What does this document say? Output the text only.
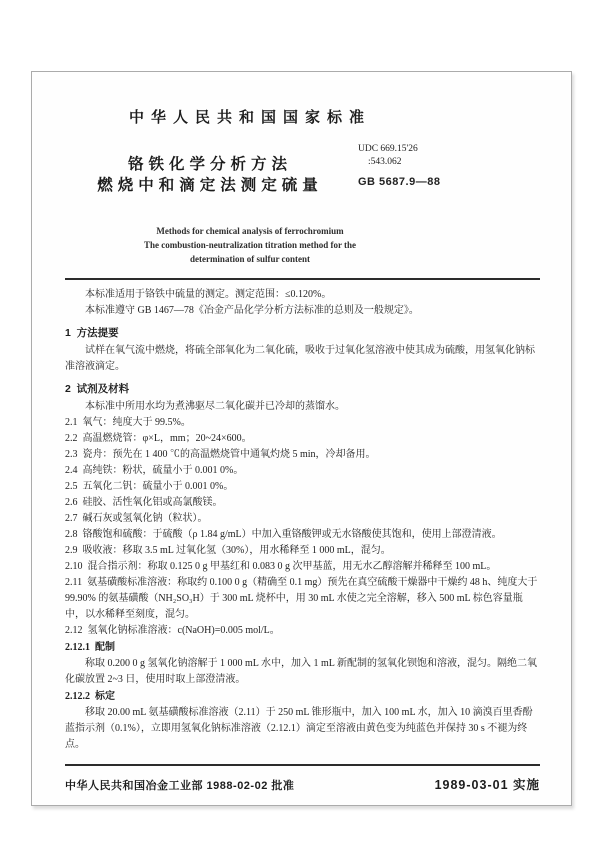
中华人民共和国国家标准
铬铁化学分析方法
燃烧中和滴定法测定硫量
Methods for chemical analysis of ferrochromium
The combustion-neutralization titration method for the
determination of sulfur content
UDC 669.15'26
:543.062
GB 5687.9—88

本标准适用于铬铁中硫量的测定。测定范围：≤0.120%。

本标准遵守 GB 1467—78《冶金产品化学分析方法标准的总则及一般规定》。

1  方法提要

试样在氧气流中燃烧，将硫全部氧化为二氧化硫，吸收于过氧化氢溶液中使其成为硫酸，用氢氧化钠标准溶液滴定。

2  试剂及材料

本标准中所用水均为煮沸驱尽二氧化碳并已冷却的蒸馏水。

2.1  氧气：纯度大于 99.5%。

2.2  高温燃烧管：φ×L，mm；20~24×600。

2.3  瓷舟：预先在 1 400 ℃的高温燃烧管中通氧灼烧 5 min，冷却备用。

2.4  高纯铁：粉状，硫量小于 0.001 0%。

2.5  五氧化二钒：硫量小于 0.001 0%。

2.6  硅胶、活性氧化铝或高氯酸镁。

2.7  碱石灰或氢氧化钠（粒状）。

2.8  铬酸饱和硫酸：于硫酸（ρ 1.84 g/mL）中加入重铬酸钾或无水铬酸使其饱和，使用上部澄清液。

2.9  吸收液：移取 3.5 mL 过氧化氢（30%），用水稀释至 1 000 mL，混匀。

2.10  混合指示剂：称取 0.125 0 g 甲基红和 0.083 0 g 次甲基蓝，用无水乙醇溶解并稀释至 100 mL。

2.11  氨基磺酸标准溶液：称取约 0.100 0 g（精确至 0.1 mg）预先在真空硫酸干燥器中干燥约 48 h、纯度大于 99.90% 的氨基磺酸（NH₂SO₃H）于 300 mL 烧杯中，用 30 mL 水使之完全溶解，移入 500 mL 棕色容量瓶中，以水稀释至刻度，混匀。

2.12  氢氧化钠标准溶液：c(NaOH)=0.005 mol/L。

2.12.1  配制

称取 0.200 0 g 氢氧化钠溶解于 1 000 mL 水中，加入 1 mL 新配制的氢氧化钡饱和溶液，混匀。隔绝二氧化碳放置 2~3 日，使用时取上部澄清液。

2.12.2  标定

移取 20.00 mL 氨基磺酸标准溶液（2.11）于 250 mL 锥形瓶中，加入 100 mL 水，加入 10 滴溴百里香酚蓝指示剂（0.1%），立即用氢氧化钠标准溶液（2.12.1）滴定至溶液由黄色变为纯蓝色并保持 30 s 不褪为终点。

中华人民共和国冶金工业部 1988-02-02 批准	1989-03-01 实施
